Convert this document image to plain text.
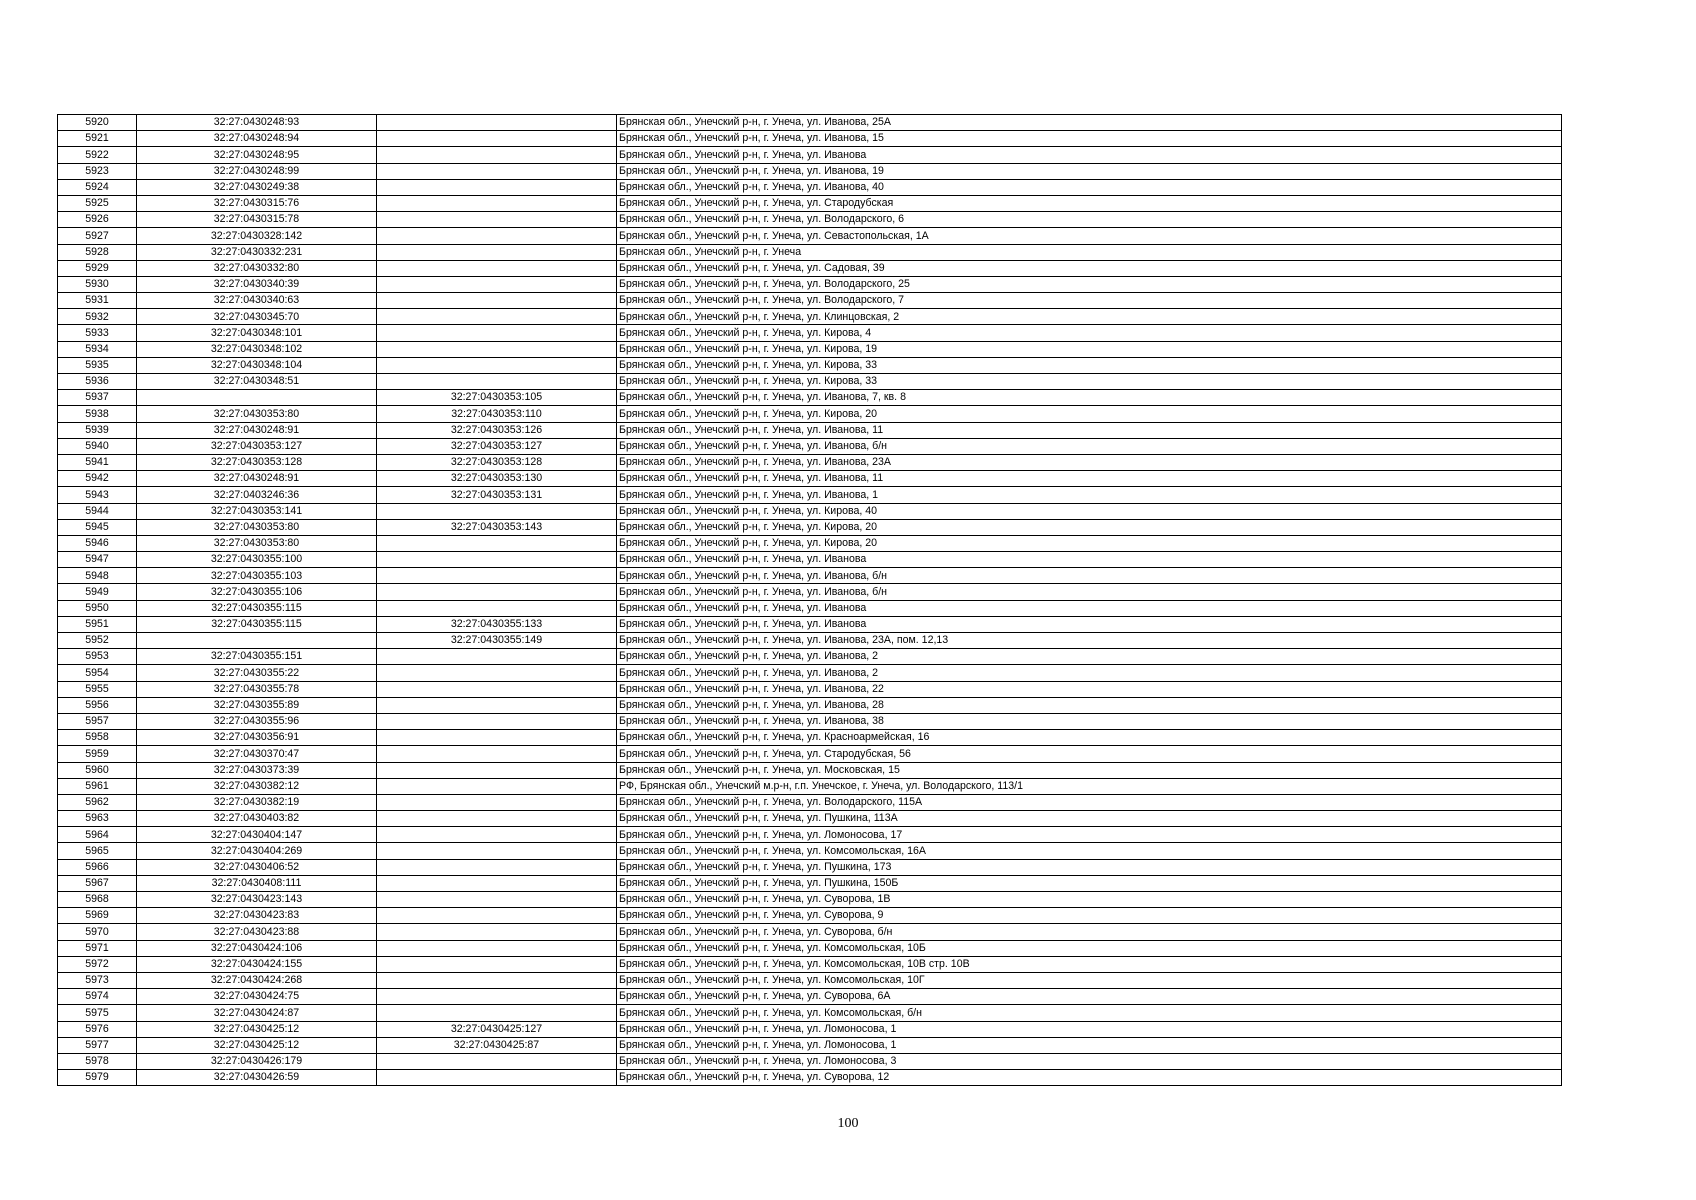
5920	32:27:0430248:93		Брянская обл., Унечский р-н, г. Унеча, ул. Иванова, 25А
5921	32:27:0430248:94		Брянская обл., Унечский р-н, г. Унеча, ул. Иванова, 15
5922	32:27:0430248:95		Брянская обл., Унечский р-н, г. Унеча, ул. Иванова
5923	32:27:0430248:99		Брянская обл., Унечский р-н, г. Унеча, ул. Иванова, 19
5924	32:27:0430249:38		Брянская обл., Унечский р-н, г. Унеча, ул. Иванова, 40
5925	32:27:0430315:76		Брянская обл., Унечский р-н, г. Унеча, ул. Стародубская
5926	32:27:0430315:78		Брянская обл., Унечский р-н, г. Унеча, ул. Володарского, 6
5927	32:27:0430328:142		Брянская обл., Унечский р-н, г. Унеча, ул. Севастопольская, 1А
5928	32:27:0430332:231		Брянская обл., Унечский р-н, г. Унеча
5929	32:27:0430332:80		Брянская обл., Унечский р-н, г. Унеча, ул. Садовая, 39
5930	32:27:0430340:39		Брянская обл., Унечский р-н, г. Унеча, ул. Володарского, 25
5931	32:27:0430340:63		Брянская обл., Унечский р-н, г. Унеча, ул. Володарского, 7
5932	32:27:0430345:70		Брянская обл., Унечский р-н, г. Унеча, ул. Клинцовская, 2
5933	32:27:0430348:101		Брянская обл., Унечский р-н, г. Унеча, ул. Кирова, 4
5934	32:27:0430348:102		Брянская обл., Унечский р-н, г. Унеча, ул. Кирова, 19
5935	32:27:0430348:104		Брянская обл., Унечский р-н, г. Унеча, ул. Кирова, 33
5936	32:27:0430348:51		Брянская обл., Унечский р-н, г. Унеча, ул. Кирова, 33
5937		32:27:0430353:105	Брянская обл., Унечский р-н, г. Унеча, ул. Иванова, 7, кв. 8
5938	32:27:0430353:80	32:27:0430353:110	Брянская обл., Унечский р-н, г. Унеча, ул. Кирова, 20
5939	32:27:0430248:91	32:27:0430353:126	Брянская обл., Унечский р-н, г. Унеча, ул. Иванова, 11
5940	32:27:0430353:127	32:27:0430353:127	Брянская обл., Унечский р-н, г. Унеча, ул. Иванова, б/н
5941	32:27:0430353:128	32:27:0430353:128	Брянская обл., Унечский р-н, г. Унеча, ул. Иванова, 23А
5942	32:27:0430248:91	32:27:0430353:130	Брянская обл., Унечский р-н, г. Унеча, ул. Иванова, 11
5943	32:27:0403246:36	32:27:0430353:131	Брянская обл., Унечский р-н, г. Унеча, ул. Иванова, 1
5944	32:27:0430353:141		Брянская обл., Унечский р-н, г. Унеча, ул. Кирова, 40
5945	32:27:0430353:80	32:27:0430353:143	Брянская обл., Унечский р-н, г. Унеча, ул. Кирова, 20
5946	32:27:0430353:80		Брянская обл., Унечский р-н, г. Унеча, ул. Кирова, 20
5947	32:27:0430355:100		Брянская обл., Унечский р-н, г. Унеча, ул. Иванова
5948	32:27:0430355:103		Брянская обл., Унечский р-н, г. Унеча, ул. Иванова, б/н
5949	32:27:0430355:106		Брянская обл., Унечский р-н, г. Унеча, ул. Иванова, б/н
5950	32:27:0430355:115		Брянская обл., Унечский р-н, г. Унеча, ул. Иванова
5951	32:27:0430355:115	32:27:0430355:133	Брянская обл., Унечский р-н, г. Унеча, ул. Иванова
5952		32:27:0430355:149	Брянская обл., Унечский р-н, г. Унеча, ул. Иванова, 23А, пом. 12,13
5953	32:27:0430355:151		Брянская обл., Унечский р-н, г. Унеча, ул. Иванова, 2
5954	32:27:0430355:22		Брянская обл., Унечский р-н, г. Унеча, ул. Иванова, 2
5955	32:27:0430355:78		Брянская обл., Унечский р-н, г. Унеча, ул. Иванова, 22
5956	32:27:0430355:89		Брянская обл., Унечский р-н, г. Унеча, ул. Иванова, 28
5957	32:27:0430355:96		Брянская обл., Унечский р-н, г. Унеча, ул. Иванова, 38
5958	32:27:0430356:91		Брянская обл., Унечский р-н, г. Унеча, ул. Красноармейская, 16
5959	32:27:0430370:47		Брянская обл., Унечский р-н, г. Унеча, ул. Стародубская, 56
5960	32:27:0430373:39		Брянская обл., Унечский р-н, г. Унеча, ул. Московская, 15
5961	32:27:0430382:12		РФ, Брянская обл., Унечский м.р-н, г.п. Унечское, г. Унеча, ул. Володарского, 113/1
5962	32:27:0430382:19		Брянская обл., Унечский р-н, г. Унеча, ул. Володарского, 115А
5963	32:27:0430403:82		Брянская обл., Унечский р-н, г. Унеча, ул. Пушкина, 113А
5964	32:27:0430404:147		Брянская обл., Унечский р-н, г. Унеча, ул. Ломоносова, 17
5965	32:27:0430404:269		Брянская обл., Унечский р-н, г. Унеча, ул. Комсомольская, 16А
5966	32:27:0430406:52		Брянская обл., Унечский р-н, г. Унеча, ул. Пушкина, 173
5967	32:27:0430408:111		Брянская обл., Унечский р-н, г. Унеча, ул. Пушкина, 150Б
5968	32:27:0430423:143		Брянская обл., Унечский р-н, г. Унеча, ул. Суворова, 1В
5969	32:27:0430423:83		Брянская обл., Унечский р-н, г. Унеча, ул. Суворова, 9
5970	32:27:0430423:88		Брянская обл., Унечский р-н, г. Унеча, ул. Суворова, б/н
5971	32:27:0430424:106		Брянская обл., Унечский р-н, г. Унеча, ул. Комсомольская, 10Б
5972	32:27:0430424:155		Брянская обл., Унечский р-н, г. Унеча, ул. Комсомольская, 10В стр. 10В
5973	32:27:0430424:268		Брянская обл., Унечский р-н, г. Унеча, ул. Комсомольская, 10Г
5974	32:27:0430424:75		Брянская обл., Унечский р-н, г. Унеча, ул. Суворова, 6А
5975	32:27:0430424:87		Брянская обл., Унечский р-н, г. Унеча, ул. Комсомольская, б/н
5976	32:27:0430425:12	32:27:0430425:127	Брянская обл., Унечский р-н, г. Унеча, ул. Ломоносова, 1
5977	32:27:0430425:12	32:27:0430425:87	Брянская обл., Унечский р-н, г. Унеча, ул. Ломоносова, 1
5978	32:27:0430426:179		Брянская обл., Унечский р-н, г. Унеча, ул. Ломоносова, 3
5979	32:27:0430426:59		Брянская обл., Унечский р-н, г. Унеча, ул. Суворова, 12
100
